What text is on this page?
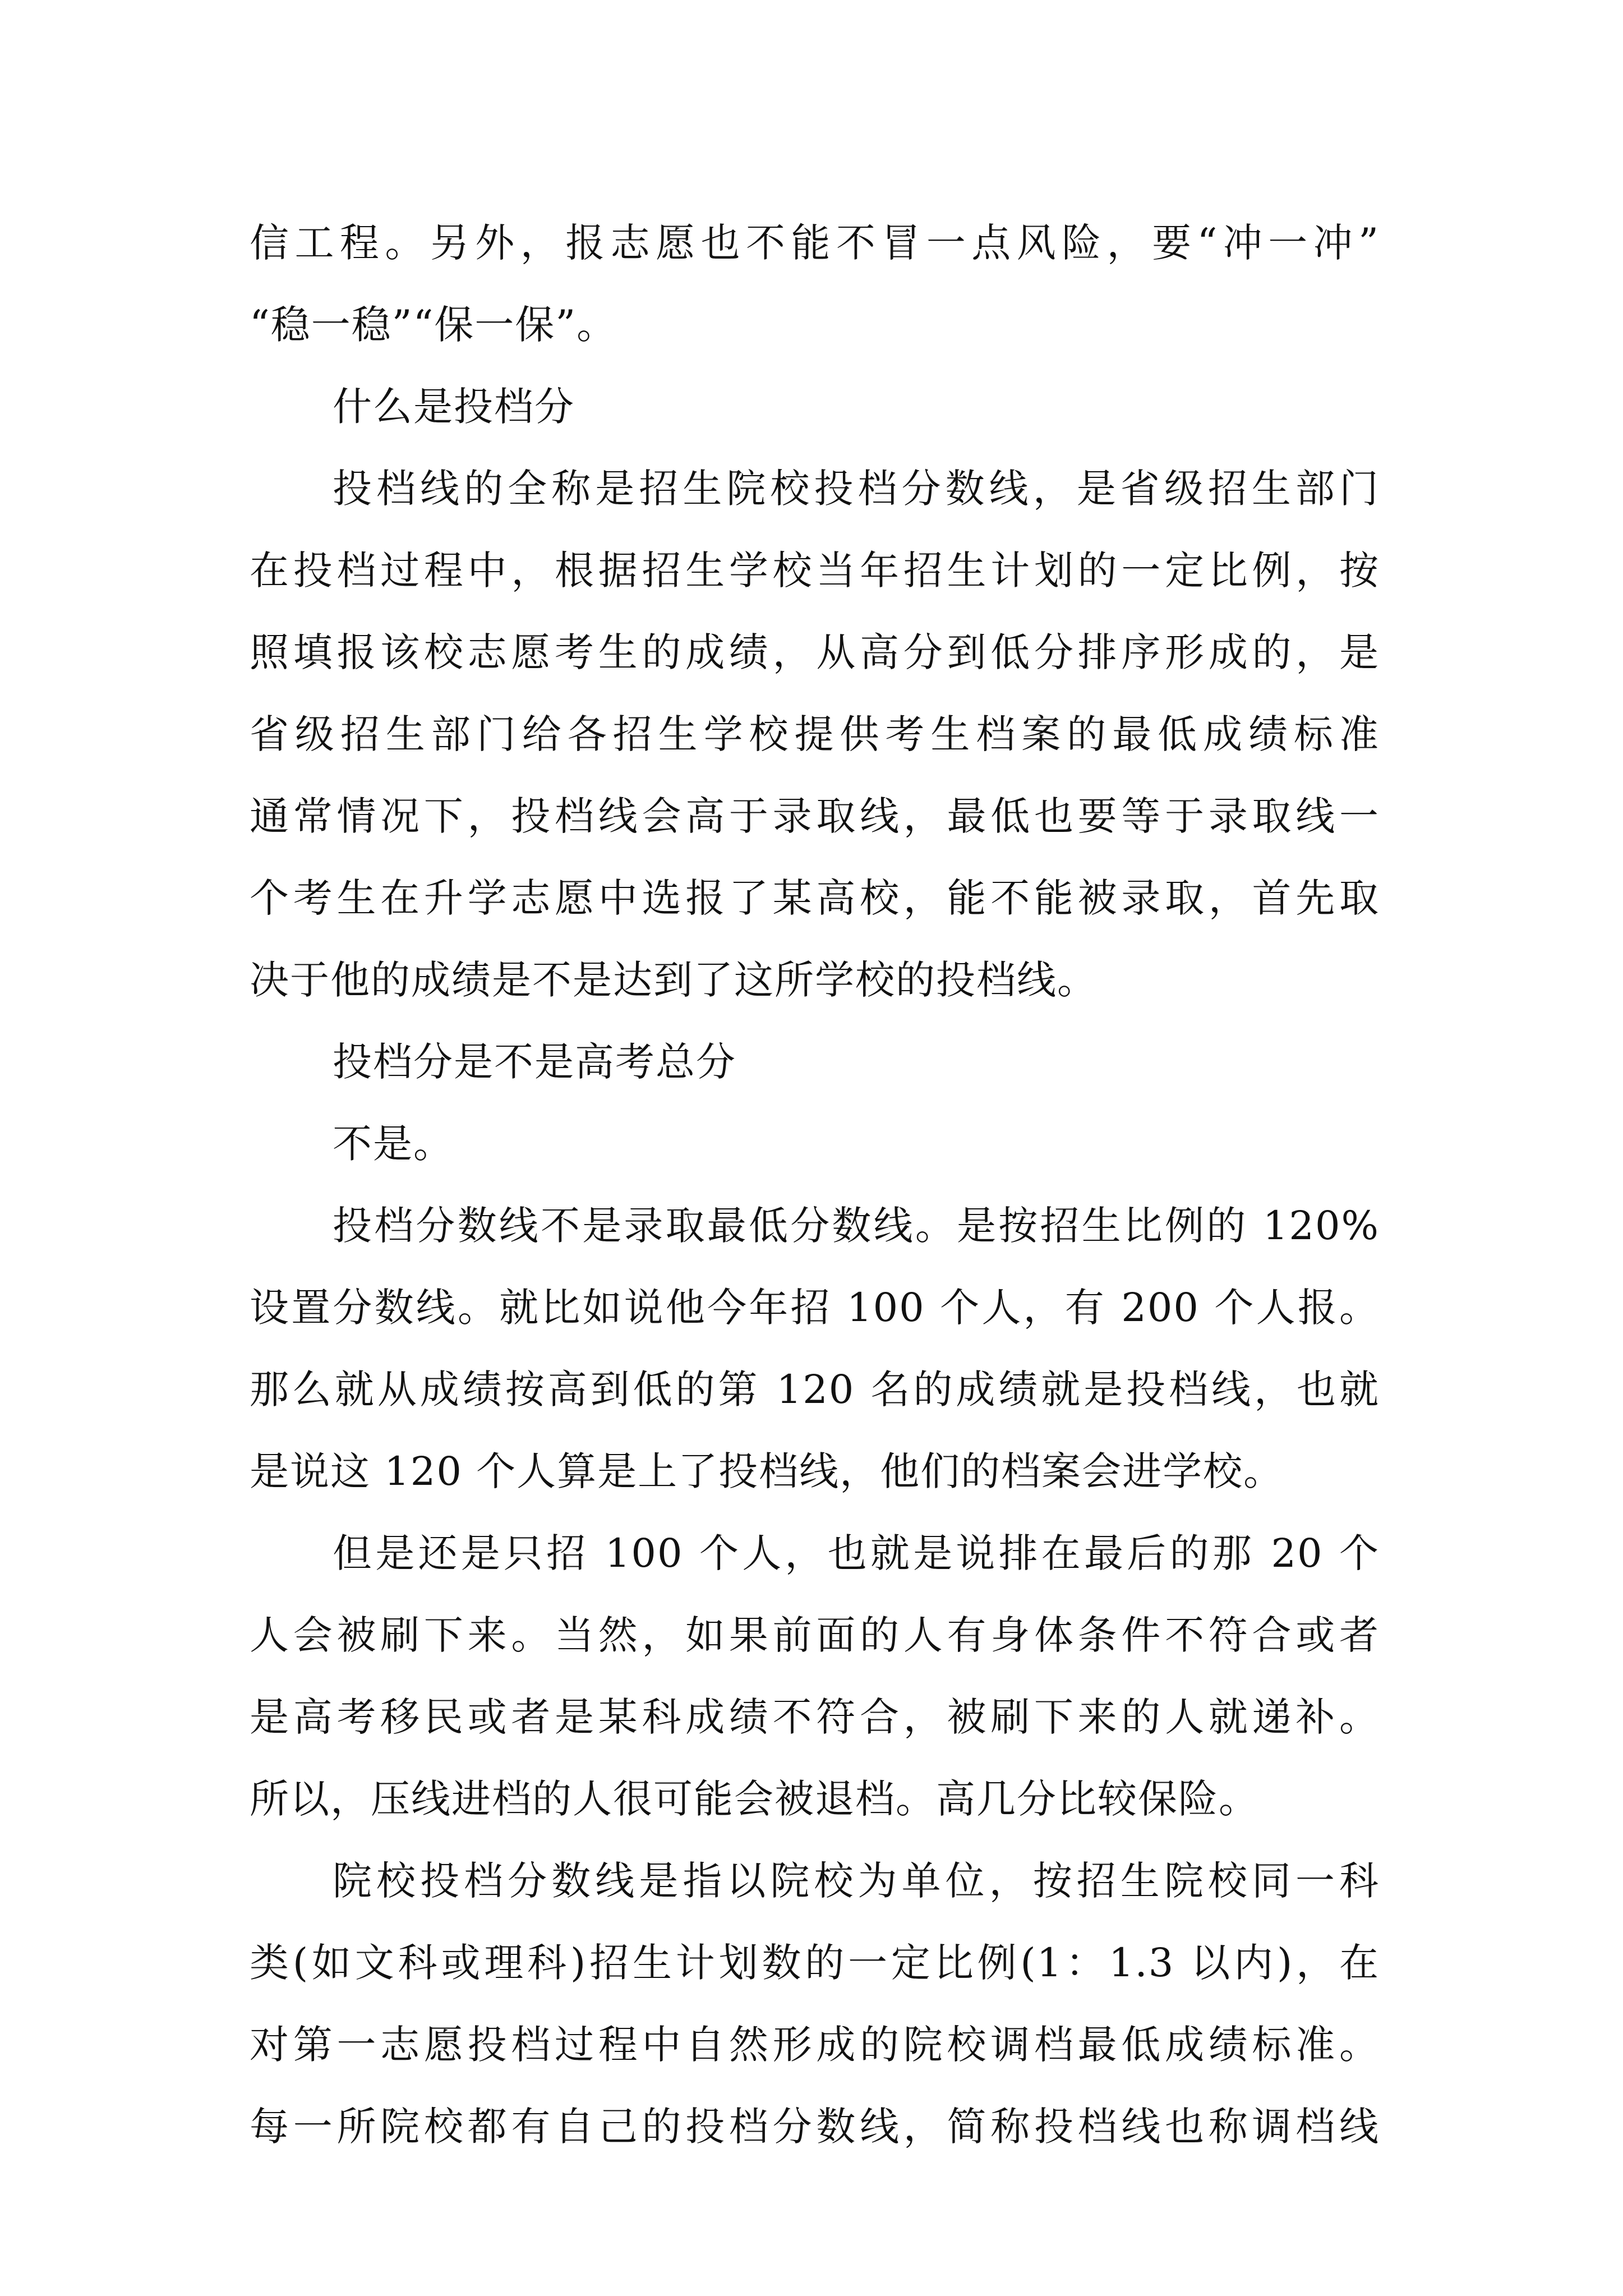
信工程。另外，报志愿也不能不冒一点风险，要“冲一冲”
“稳一稳”“保一保”。
什么是投档分
投档线的全称是招生院校投档分数线，是省级招生部门
在投档过程中，根据招生学校当年招生计划的一定比例，按
照填报该校志愿考生的成绩，从高分到低分排序形成的，是
省级招生部门给各招生学校提供考生档案的最低成绩标准
通常情况下，投档线会高于录取线，最低也要等于录取线一
个考生在升学志愿中选报了某高校，能不能被录取，首先取
决于他的成绩是不是达到了这所学校的投档线。
投档分是不是高考总分
不是。
投档分数线不是录取最低分数线。是按招生比例的 120%
设置分数线。就比如说他今年招 100 个人，有 200 个人报。
那么就从成绩按高到低的第 120 名的成绩就是投档线，也就
是说这 120 个人算是上了投档线，他们的档案会进学校。
但是还是只招 100 个人，也就是说排在最后的那 20 个
人会被刷下来。当然，如果前面的人有身体条件不符合或者
是高考移民或者是某科成绩不符合，被刷下来的人就递补。
所以，压线进档的人很可能会被退档。高几分比较保险。
院校投档分数线是指以院校为单位，按招生院校同一科
类(如文科或理科)招生计划数的一定比例(1：1.3 以内)，在
对第一志愿投档过程中自然形成的院校调档最低成绩标准。
每一所院校都有自己的投档分数线，简称投档线也称调档线
